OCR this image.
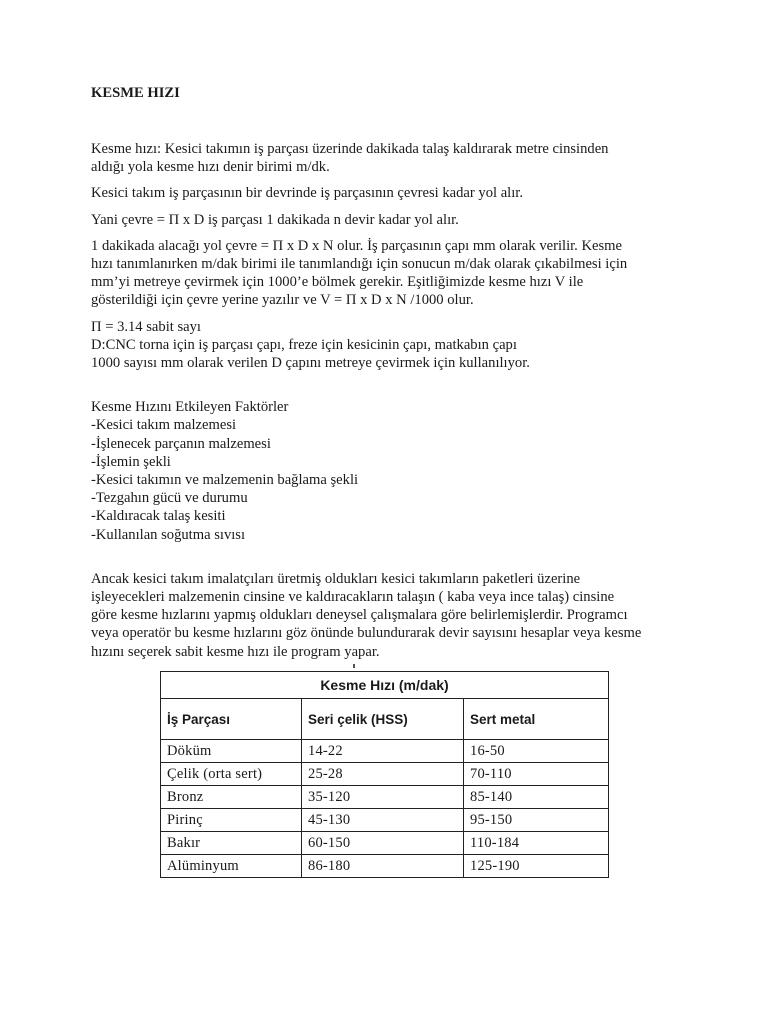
KESME HIZI

Kesme hızı: Kesici takımın iş parçası üzerinde dakikada talaş kaldırarak metre cinsinden
aldığı yola kesme hızı denir birimi m/dk.

Kesici takım iş parçasının bir devrinde iş parçasının çevresi kadar yol alır.

Yani çevre = Π x D iş parçası 1 dakikada n devir kadar yol alır.

1 dakikada alacağı yol çevre = Π x D x N olur. İş parçasının çapı mm olarak verilir. Kesme
hızı tanımlanırken m/dak birimi ile tanımlandığı için sonucun m/dak olarak çıkabilmesi için
mm’yi metreye çevirmek için 1000’e bölmek gerekir. Eşitliğimizde kesme hızı V ile
gösterildiği için çevre yerine yazılır ve V = Π x D x N /1000 olur.

Π = 3.14 sabit sayı
D:CNC torna için iş parçası çapı, freze için kesicinin çapı, matkabın çapı
1000 sayısı mm olarak verilen D çapını metreye çevirmek için kullanılıyor.

Kesme Hızını Etkileyen Faktörler
-Kesici takım malzemesi
-İşlenecek parçanın malzemesi
-İşlemin şekli
-Kesici takımın ve malzemenin bağlama şekli
-Tezgahın gücü ve durumu
-Kaldıracak talaş kesiti
-Kullanılan soğutma sıvısı

Ancak kesici takım imalatçıları üretmiş oldukları kesici takımların paketleri üzerine
işleyecekleri malzemenin cinsine ve kaldıracakların talaşın ( kaba veya ince talaş) cinsine
göre kesme hızlarını yapmış oldukları deneysel çalışmalara göre belirlemişlerdir. Programcı
veya operatör bu kesme hızlarını göz önünde bulundurarak devir sayısını hesaplar veya kesme
hızını seçerek sabit kesme hızı ile program yapar.

Kesme Hızı (m/dak)		
İş Parçası	Seri çelik (HSS)	Sert metal
Döküm	14-22	16-50
Çelik (orta sert)	25-28	70-110
Bronz	35-120	85-140
Pirinç	45-130	95-150
Bakır	60-150	110-184
Alüminyum	86-180	125-190
